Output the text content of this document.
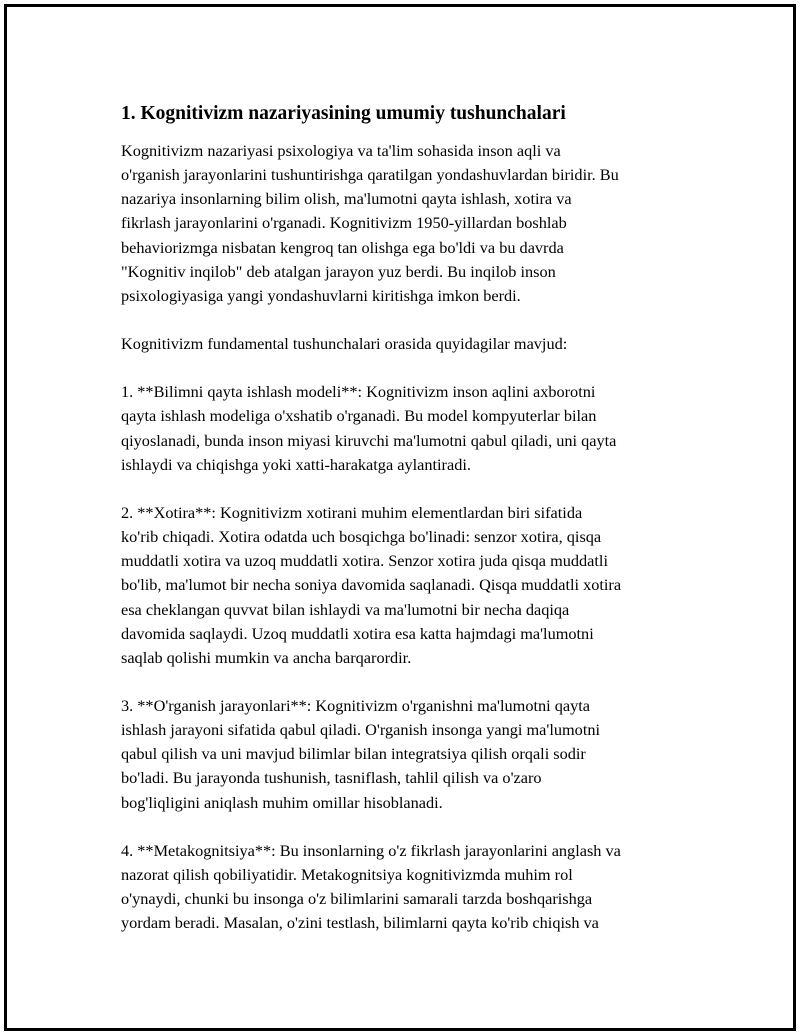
1. Kognitivizm nazariyasining umumiy tushunchalari

Kognitivizm nazariyasi psixologiya va ta'lim sohasida inson aqli va
o'rganish jarayonlarini tushuntirishga qaratilgan yondashuvlardan biridir. Bu
nazariya insonlarning bilim olish, ma'lumotni qayta ishlash, xotira va
fikrlash jarayonlarini o'rganadi. Kognitivizm 1950-yillardan boshlab
behaviorizmga nisbatan kengroq tan olishga ega bo'ldi va bu davrda
"Kognitiv inqilob" deb atalgan jarayon yuz berdi. Bu inqilob inson
psixologiyasiga yangi yondashuvlarni kiritishga imkon berdi.

Kognitivizm fundamental tushunchalari orasida quyidagilar mavjud:

1. **Bilimni qayta ishlash modeli**: Kognitivizm inson aqlini axborotni
qayta ishlash modeliga o'xshatib o'rganadi. Bu model kompyuterlar bilan
qiyoslanadi, bunda inson miyasi kiruvchi ma'lumotni qabul qiladi, uni qayta
ishlaydi va chiqishga yoki xatti-harakatga aylantiradi.

2. **Xotira**: Kognitivizm xotirani muhim elementlardan biri sifatida
ko'rib chiqadi. Xotira odatda uch bosqichga bo'linadi: senzor xotira, qisqa
muddatli xotira va uzoq muddatli xotira. Senzor xotira juda qisqa muddatli
bo'lib, ma'lumot bir necha soniya davomida saqlanadi. Qisqa muddatli xotira
esa cheklangan quvvat bilan ishlaydi va ma'lumotni bir necha daqiqa
davomida saqlaydi. Uzoq muddatli xotira esa katta hajmdagi ma'lumotni
saqlab qolishi mumkin va ancha barqarordir.

3. **O'rganish jarayonlari**: Kognitivizm o'rganishni ma'lumotni qayta
ishlash jarayoni sifatida qabul qiladi. O'rganish insonga yangi ma'lumotni
qabul qilish va uni mavjud bilimlar bilan integratsiya qilish orqali sodir
bo'ladi. Bu jarayonda tushunish, tasniflash, tahlil qilish va o'zaro
bog'liqligini aniqlash muhim omillar hisoblanadi.

4. **Metakognitsiya**: Bu insonlarning o'z fikrlash jarayonlarini anglash va
nazorat qilish qobiliyatidir. Metakognitsiya kognitivizmda muhim rol
o'ynaydi, chunki bu insonga o'z bilimlarini samarali tarzda boshqarishga
yordam beradi. Masalan, o'zini testlash, bilimlarni qayta ko'rib chiqish va
